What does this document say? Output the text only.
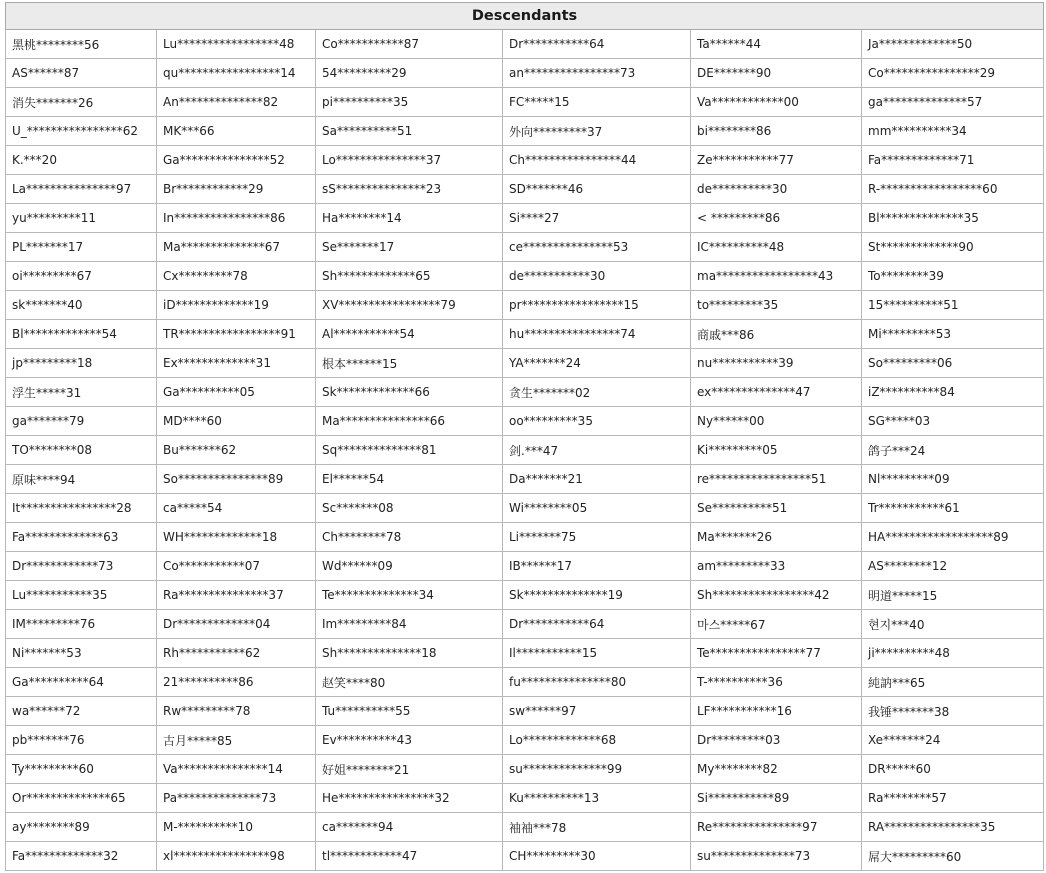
Descendants					
黑桃********56	Lu*****************48	Co***********87	Dr***********64	Ta******44	Ja*************50
AS******87	qu*****************14	54*********29	an****************73	DE*******90	Co****************29
消失*******26	An**************82	pi**********35	FC*****15	Va************00	ga**************57
U_****************62	MK***66	Sa**********51	外向*********37	bi********86	mm**********34
K.***20	Ga***************52	Lo***************37	Ch****************44	Ze***********77	Fa*************71
La***************97	Br************29	sS***************23	SD*******46	de**********30	R-*****************60
yu*********11	In****************86	Ha********14	Si****27	< *********86	Bl**************35
PL*******17	Ma**************67	Se*******17	ce***************53	IC**********48	St*************90
oi*********67	Cx*********78	Sh*************65	de***********30	ma*****************43	To********39
sk*******40	iD*************19	XV*****************79	pr*****************15	to*********35	15**********51
Bl*************54	TR*****************91	Al***********54	hu****************74	商戚***86	Mi*********53
jp*********18	Ex*************31	根本******15	YA*******24	nu***********39	So*********06
浮生*****31	Ga**********05	Sk*************66	贪生*******02	ex**************47	iZ**********84
ga*******79	MD****60	Ma***************66	oo*********35	Ny******00	SG*****03
TO********08	Bu*******62	Sq**************81	剑.***47	Ki*********05	鸽子***24
原味****94	So***************89	El******54	Da*******21	re*****************51	Nl*********09
It****************28	ca*****54	Sc*******08	Wi********05	Se**********51	Tr***********61
Fa*************63	WH*************18	Ch********78	Li*******75	Ma*******26	HA******************89
Dr************73	Co***********07	Wd******09	IB******17	am*********33	AS********12
Lu***********35	Ra***************37	Te**************34	Sk**************19	Sh*****************42	明道*****15
IM*********76	Dr*************04	Im*********84	Dr***********64	마스*****67	현지***40
Ni*******53	Rh***********62	Sh**************18	Il***********15	Te****************77	ji**********48
Ga**********64	21**********86	赵笑****80	fu***************80	T-**********36	純訥***65
wa******72	Rw*********78	Tu**********55	sw******97	LF***********16	我锤*******38
pb*******76	古月*****85	Ev**********43	Lo*************68	Dr*********03	Xe*******24
Ty*********60	Va***************14	好姐********21	su**************99	My********82	DR*****60
Or**************65	Pa**************73	He****************32	Ku**********13	Si***********89	Ra********57
ay********89	M-**********10	ca*******94	袖袖***78	Re***************97	RA****************35
Fa*************32	xl****************98	tl************47	CH*********30	su**************73	屌大*********60
